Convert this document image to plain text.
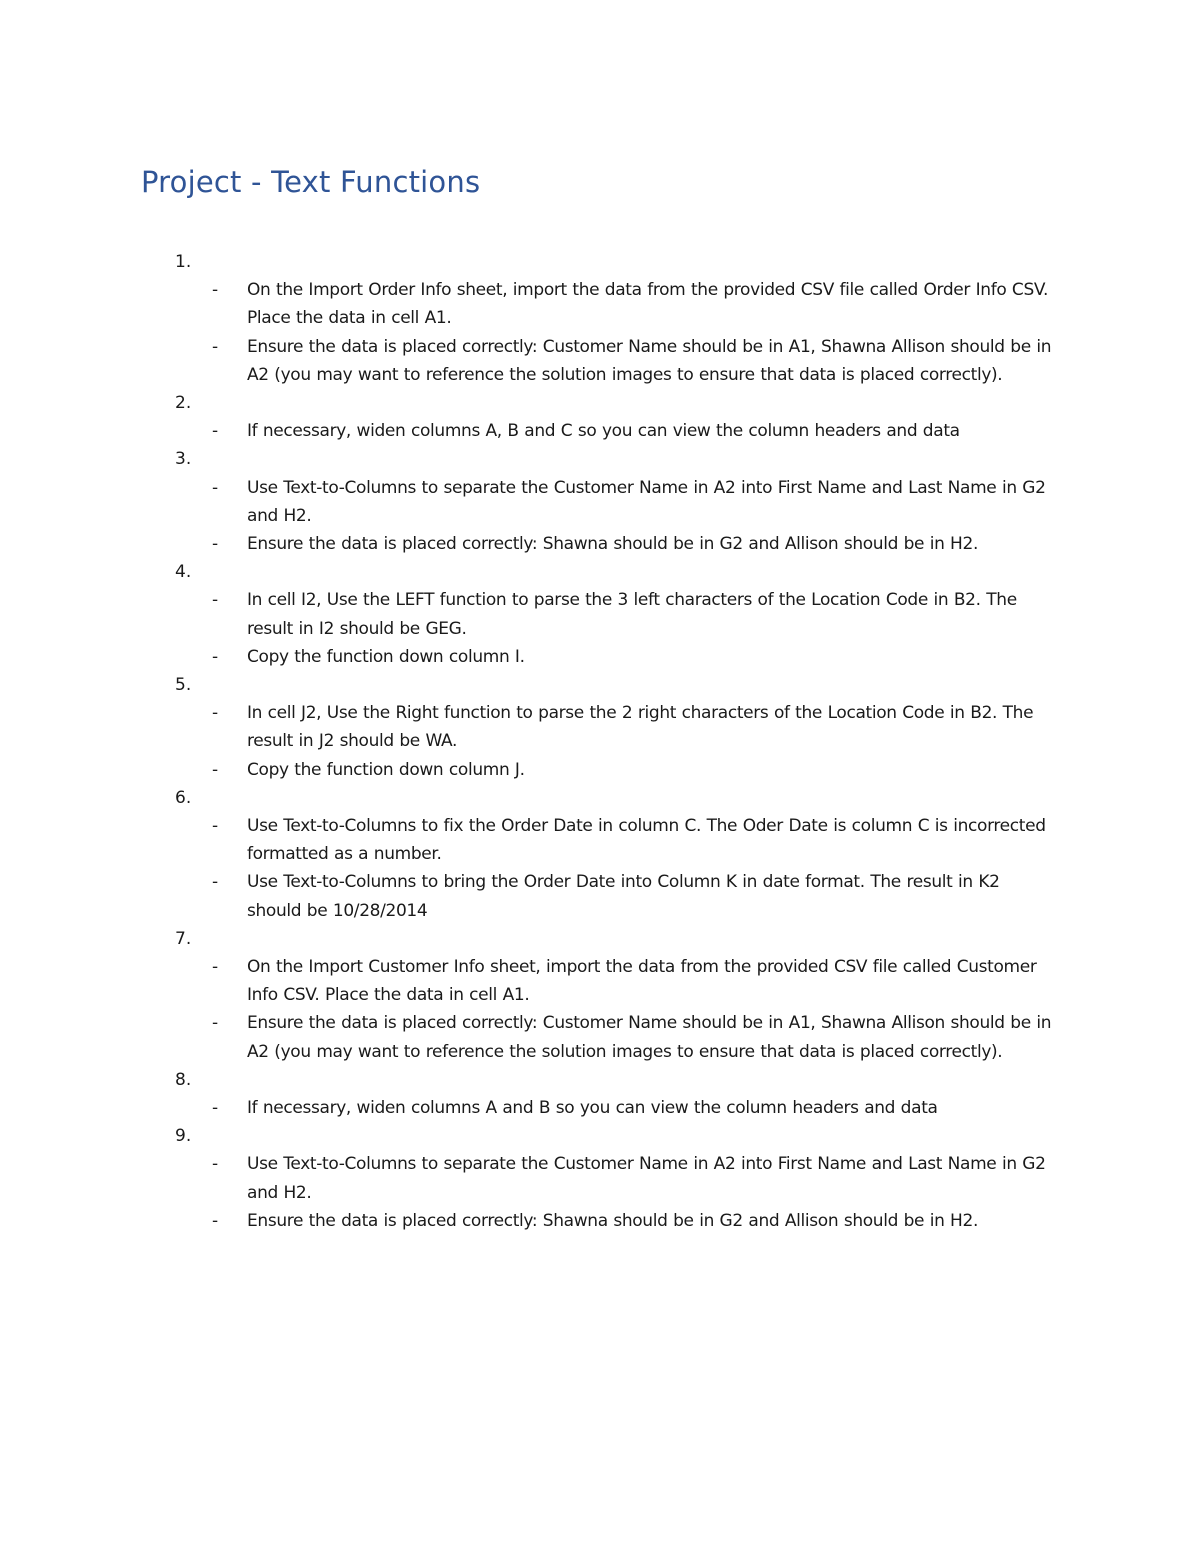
Project - Text Functions
1.
- On the Import Order Info sheet, import the data from the provided CSV file called Order Info CSV. Place the data in cell A1.
- Ensure the data is placed correctly: Customer Name should be in A1, Shawna Allison should be in A2 (you may want to reference the solution images to ensure that data is placed correctly).
2.
- If necessary, widen columns A, B and C so you can view the column headers and data
3.
- Use Text-to-Columns to separate the Customer Name in A2 into First Name and Last Name in G2 and H2.
- Ensure the data is placed correctly: Shawna should be in G2 and Allison should be in H2.
4.
- In cell I2, Use the LEFT function to parse the 3 left characters of the Location Code in B2. The result in I2 should be GEG.
- Copy the function down column I.
5.
- In cell J2, Use the Right function to parse the 2 right characters of the Location Code in B2. The result in J2 should be WA.
- Copy the function down column J.
6.
- Use Text-to-Columns to fix the Order Date in column C. The Oder Date is column C is incorrected formatted as a number.
- Use Text-to-Columns to bring the Order Date into Column K in date format. The result in K2 should be 10/28/2014
7.
- On the Import Customer Info sheet, import the data from the provided CSV file called Customer Info CSV. Place the data in cell A1.
- Ensure the data is placed correctly: Customer Name should be in A1, Shawna Allison should be in A2 (you may want to reference the solution images to ensure that data is placed correctly).
8.
- If necessary, widen columns A and B so you can view the column headers and data
9.
- Use Text-to-Columns to separate the Customer Name in A2 into First Name and Last Name in G2 and H2.
- Ensure the data is placed correctly: Shawna should be in G2 and Allison should be in H2.
